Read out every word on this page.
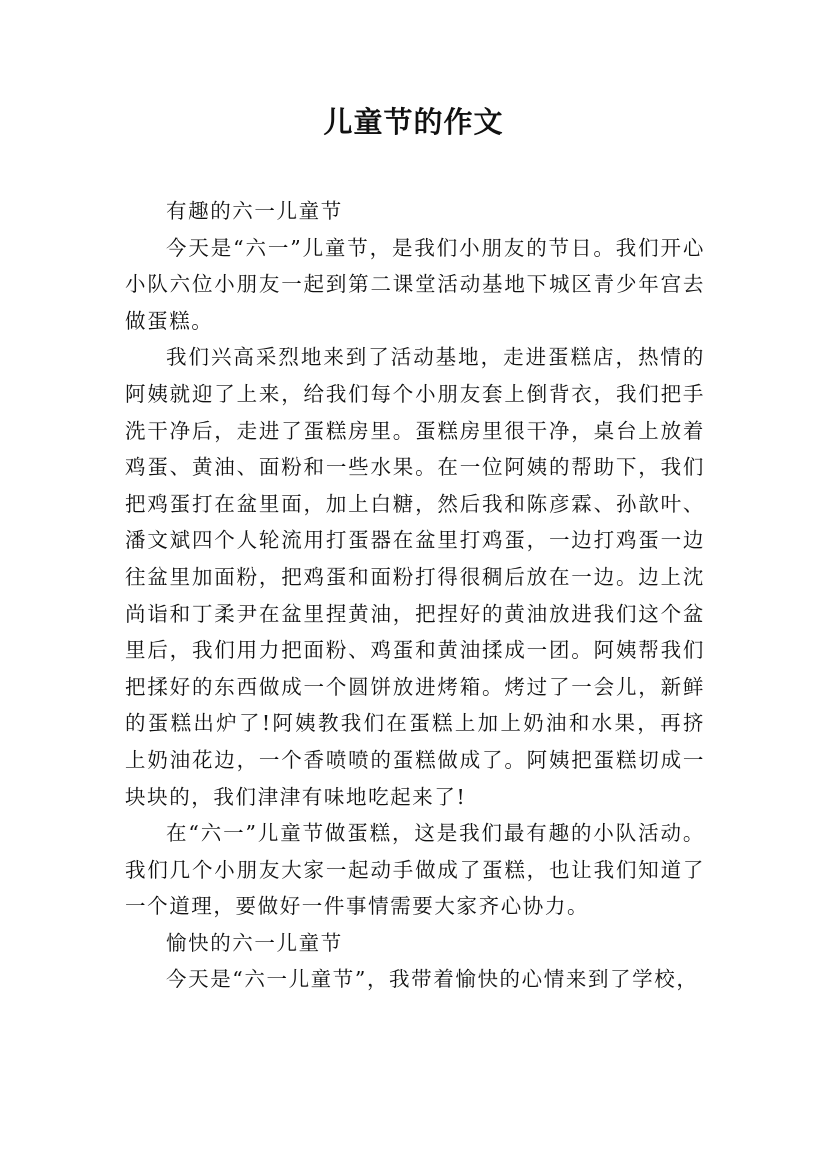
儿童节的作文

有趣的六一儿童节

今天是“六一”儿童节，是我们小朋友的节日。我们开心小队六位小朋友一起到第二课堂活动基地下城区青少年宫去做蛋糕。

我们兴高采烈地来到了活动基地，走进蛋糕店，热情的阿姨就迎了上来，给我们每个小朋友套上倒背衣，我们把手洗干净后，走进了蛋糕房里。蛋糕房里很干净，桌台上放着鸡蛋、黄油、面粉和一些水果。在一位阿姨的帮助下，我们把鸡蛋打在盆里面，加上白糖，然后我和陈彦霖、孙歆叶、潘文斌四个人轮流用打蛋器在盆里打鸡蛋，一边打鸡蛋一边往盆里加面粉，把鸡蛋和面粉打得很稠后放在一边。边上沈尚诣和丁柔尹在盆里捏黄油，把捏好的黄油放进我们这个盆里后，我们用力把面粉、鸡蛋和黄油揉成一团。阿姨帮我们把揉好的东西做成一个圆饼放进烤箱。烤过了一会儿，新鲜的蛋糕出炉了!阿姨教我们在蛋糕上加上奶油和水果，再挤上奶油花边，一个香喷喷的蛋糕做成了。阿姨把蛋糕切成一块块的，我们津津有味地吃起来了!

在“六一”儿童节做蛋糕，这是我们最有趣的小队活动。我们几个小朋友大家一起动手做成了蛋糕，也让我们知道了一个道理，要做好一件事情需要大家齐心协力。

愉快的六一儿童节

今天是“六一儿童节”，我带着愉快的心情来到了学校，
